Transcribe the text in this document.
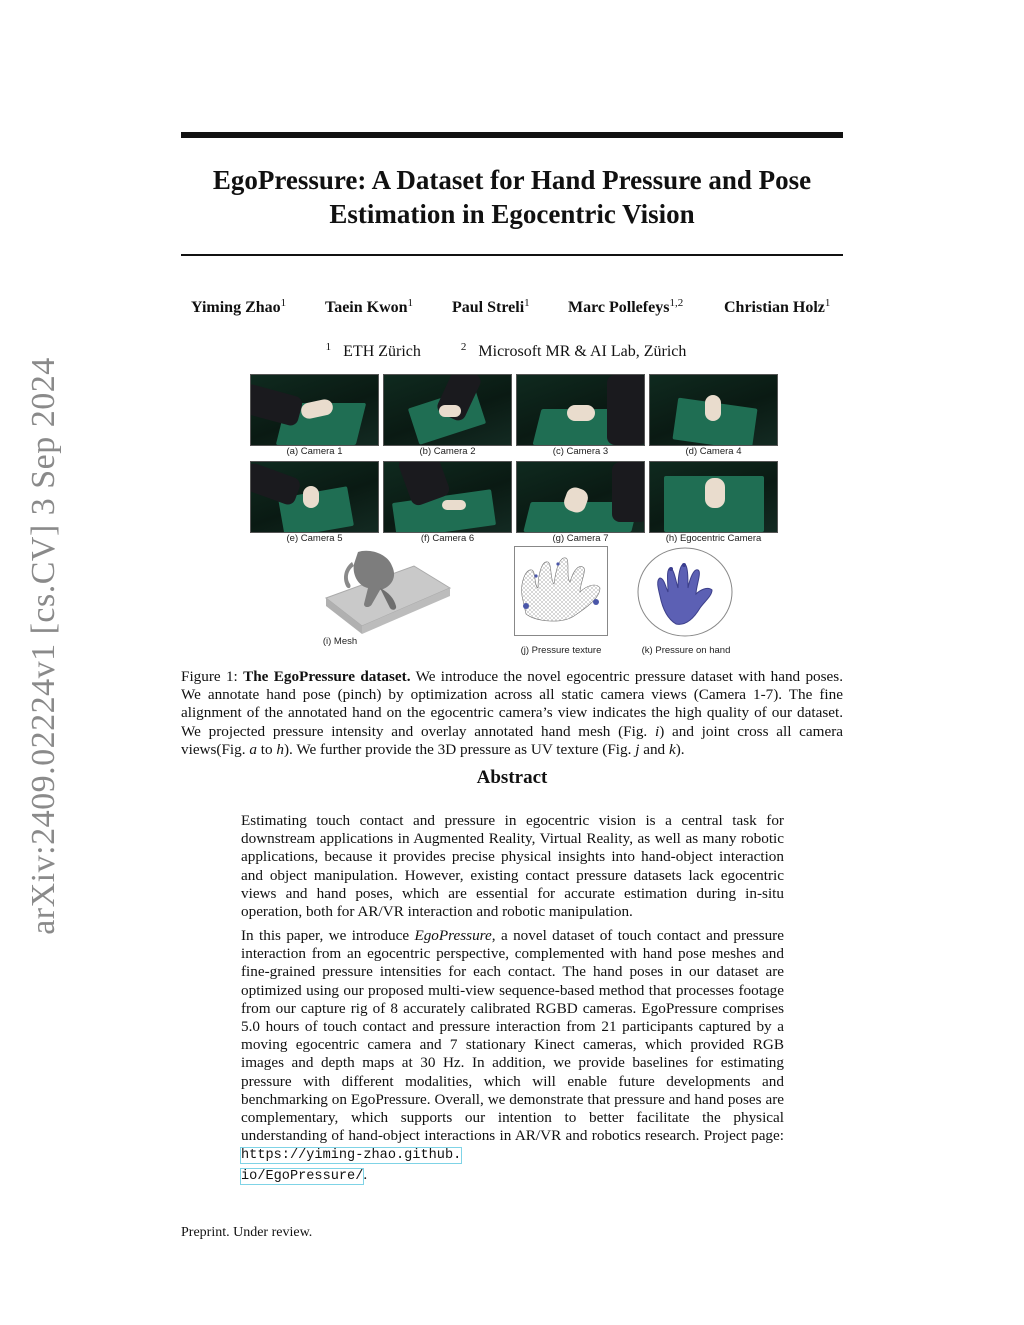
arXiv:2409.02224v1 [cs.CV] 3 Sep 2024
EgoPressure: A Dataset for Hand Pressure and Pose
Estimation in Egocentric Vision
Yiming Zhao$^1$ Taein Kwon$^1$ Paul Streli$^1$ Marc Pollefeys$^{1,2}$	Christian Holz$^1$
$^1$ ETH Zürich	$^2$ Microsoft MR & AI Lab, Zürich
(a) Camera 1	(b) Camera 2	(c) Camera 3	(d) Camera 4
(e) Camera 5	(f) Camera 6	(g) Camera 7	(h) Egocentric Camera
(i) Mesh
(j) Pressure texture	(k) Pressure on hand
Figure 1: The EgoPressure dataset. We introduce the novel egocentric pressure dataset with hand poses. We annotate hand pose (pinch) by optimization across all static camera views (Camera 1-7). The fine alignment of the annotated hand on the egocentric camera’s view indicates the high quality of our dataset. We projected pressure intensity and overlay annotated hand mesh (Fig. i) and joint cross all camera views(Fig. a to h). We further provide the 3D pressure as UV texture (Fig. j and k).
Abstract
Estimating touch contact and pressure in egocentric vision is a central task for downstream applications in Augmented Reality, Virtual Reality, as well as many robotic applications, because it provides precise physical insights into hand-object interaction and object manipulation. However, existing contact pressure datasets lack egocentric views and hand poses, which are essential for accurate estimation during in-situ operation, both for AR/VR interaction and robotic manipulation.
In this paper, we introduce EgoPressure, a novel dataset of touch contact and pressure interaction from an egocentric perspective, complemented with hand pose meshes and fine-grained pressure intensities for each contact. The hand poses in our dataset are optimized using our proposed multi-view sequence-based method that processes footage from our capture rig of 8 accurately calibrated RGBD cameras. EgoPressure comprises 5.0 hours of touch contact and pressure interaction from 21 participants captured by a moving egocentric camera and 7 stationary Kinect cameras, which provided RGB images and depth maps at 30 Hz. In addition, we provide baselines for estimating pressure with different modalities, which will enable future developments and benchmarking on EgoPressure. Overall, we demonstrate that pressure and hand poses are complementary, which supports our intention to better facilitate the physical understanding of hand-object interactions in AR/VR and robotics research. Project page: https://yiming-zhao.github.
io/EgoPressure/.
Preprint. Under review.
